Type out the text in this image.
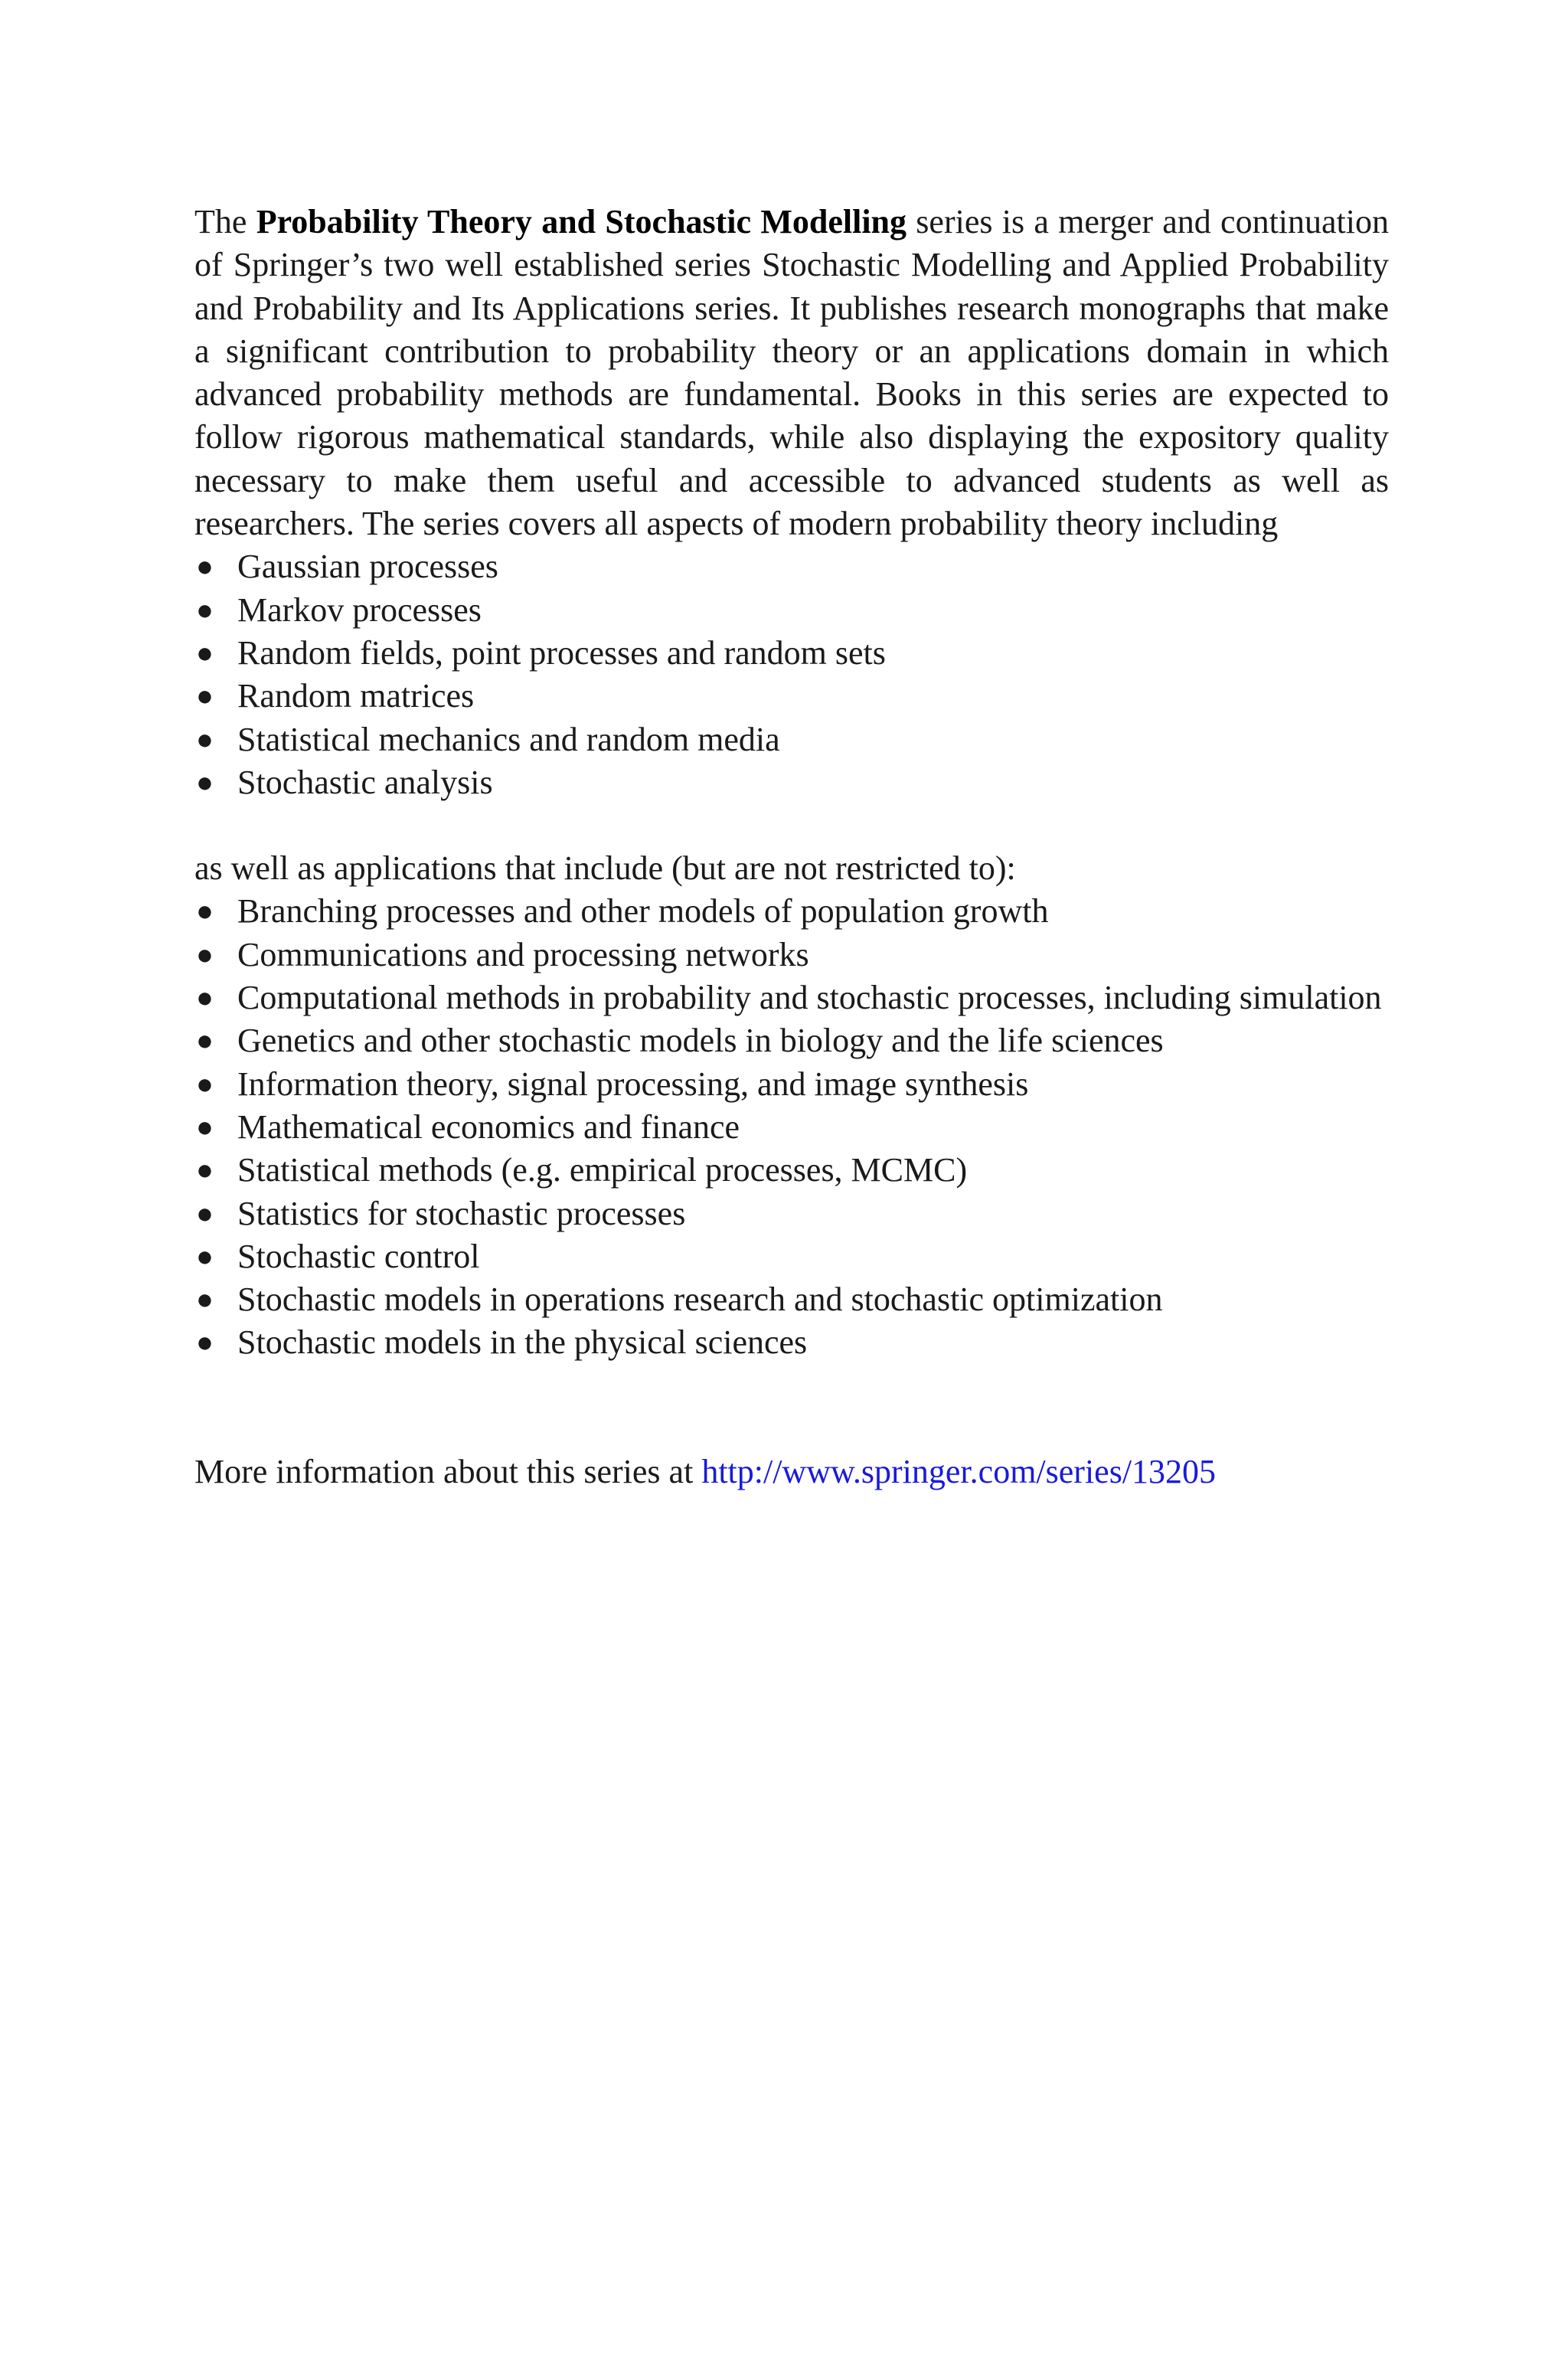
The Probability Theory and Stochastic Modelling series is a merger and continuation of Springer’s two well established series Stochastic Modelling and Applied Probability and Probability and Its Applications series. It publishes research monographs that make a significant contribution to probability theory or an applications domain in which advanced probability methods are fundamental. Books in this series are expected to follow rigorous mathematical standards, while also displaying the expository quality necessary to make them useful and accessible to advanced students as well as researchers. The series covers all aspects of modern probability theory including

● Gaussian processes
● Markov processes
● Random fields, point processes and random sets
● Random matrices
● Statistical mechanics and random media
● Stochastic analysis

as well as applications that include (but are not restricted to):

● Branching processes and other models of population growth
● Communications and processing networks
● Computational methods in probability and stochastic processes, including simulation
● Genetics and other stochastic models in biology and the life sciences
● Information theory, signal processing, and image synthesis
● Mathematical economics and finance
● Statistical methods (e.g. empirical processes, MCMC)
● Statistics for stochastic processes
● Stochastic control
● Stochastic models in operations research and stochastic optimization
● Stochastic models in the physical sciences

More information about this series at http://www.springer.com/series/13205
